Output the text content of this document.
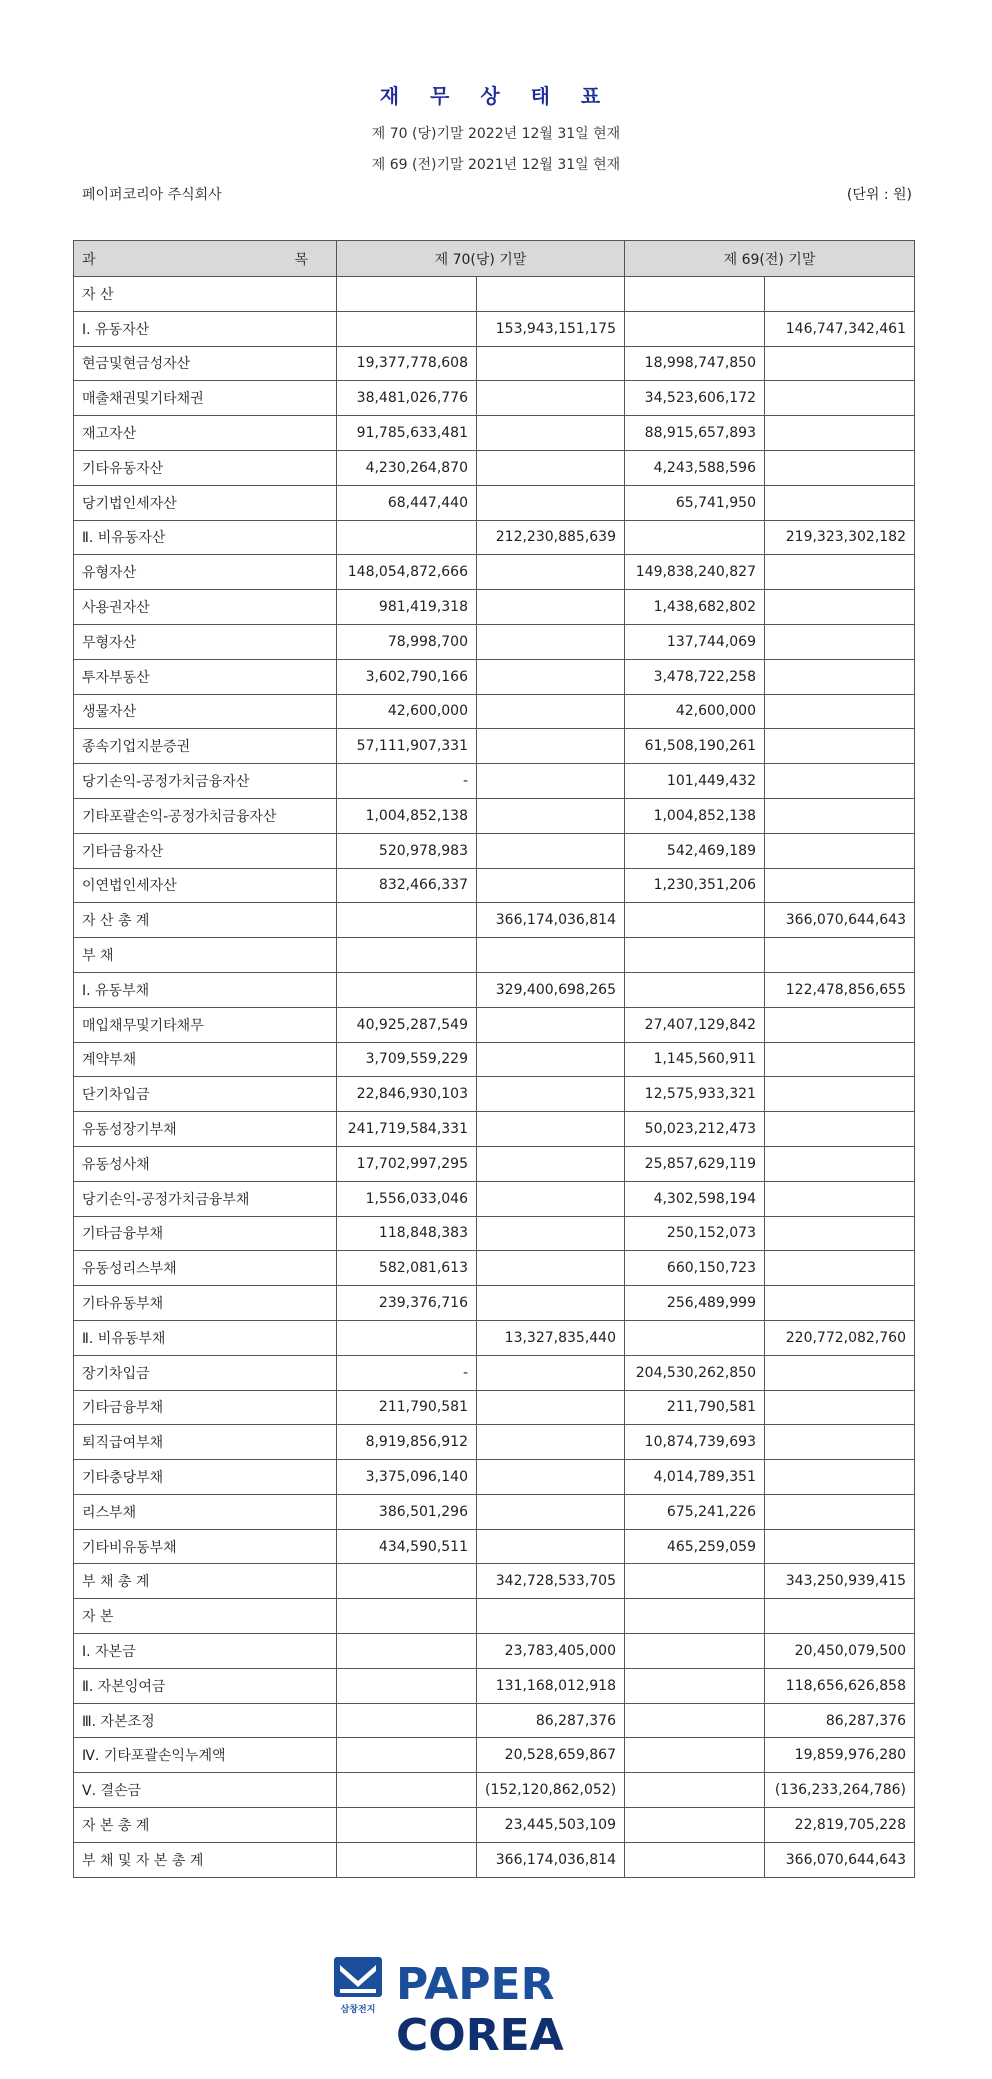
재 무 상 태 표
제 70 (당)기말 2022년 12월 31일 현재
제 69 (전)기말 2021년 12월 31일 현재
페이퍼코리아 주식회사	(단위 : 원)
과 목	제 70(당) 기말		제 69(전) 기말	
자 산				
Ⅰ. 유동자산		153,943,151,175		146,747,342,461
현금및현금성자산	19,377,778,608		18,998,747,850	
매출채권및기타채권	38,481,026,776		34,523,606,172	
재고자산	91,785,633,481		88,915,657,893	
기타유동자산	4,230,264,870		4,243,588,596	
당기법인세자산	68,447,440		65,741,950	
Ⅱ. 비유동자산		212,230,885,639		219,323,302,182
유형자산	148,054,872,666		149,838,240,827	
사용권자산	981,419,318		1,438,682,802	
무형자산	78,998,700		137,744,069	
투자부동산	3,602,790,166		3,478,722,258	
생물자산	42,600,000		42,600,000	
종속기업지분증권	57,111,907,331		61,508,190,261	
당기손익-공정가치금융자산	-		101,449,432	
기타포괄손익-공정가치금융자산	1,004,852,138		1,004,852,138	
기타금융자산	520,978,983		542,469,189	
이연법인세자산	832,466,337		1,230,351,206	
자 산 총 계		366,174,036,814		366,070,644,643
부 채				
Ⅰ. 유동부채		329,400,698,265		122,478,856,655
매입채무및기타채무	40,925,287,549		27,407,129,842	
계약부채	3,709,559,229		1,145,560,911	
단기차입금	22,846,930,103		12,575,933,321	
유동성장기부채	241,719,584,331		50,023,212,473	
유동성사채	17,702,997,295		25,857,629,119	
당기손익-공정가치금융부채	1,556,033,046		4,302,598,194	
기타금융부채	118,848,383		250,152,073	
유동성리스부채	582,081,613		660,150,723	
기타유동부채	239,376,716		256,489,999	
Ⅱ. 비유동부채		13,327,835,440		220,772,082,760
장기차입금	-		204,530,262,850	
기타금융부채	211,790,581		211,790,581	
퇴직급여부채	8,919,856,912		10,874,739,693	
기타충당부채	3,375,096,140		4,014,789,351	
리스부채	386,501,296		675,241,226	
기타비유동부채	434,590,511		465,259,059	
부 채 총 계		342,728,533,705		343,250,939,415
자 본				
Ⅰ. 자본금		23,783,405,000		20,450,079,500
Ⅱ. 자본잉여금		131,168,012,918		118,656,626,858
Ⅲ. 자본조정		86,287,376		86,287,376
Ⅳ. 기타포괄손익누계액		20,528,659,867		19,859,976,280
Ⅴ. 결손금		(152,120,862,052)		(136,233,264,786)
자 본 총 계		23,445,503,109		22,819,705,228
부 채 및 자 본 총 계		366,174,036,814		366,070,644,643
삼창전지 PAPER COREA
